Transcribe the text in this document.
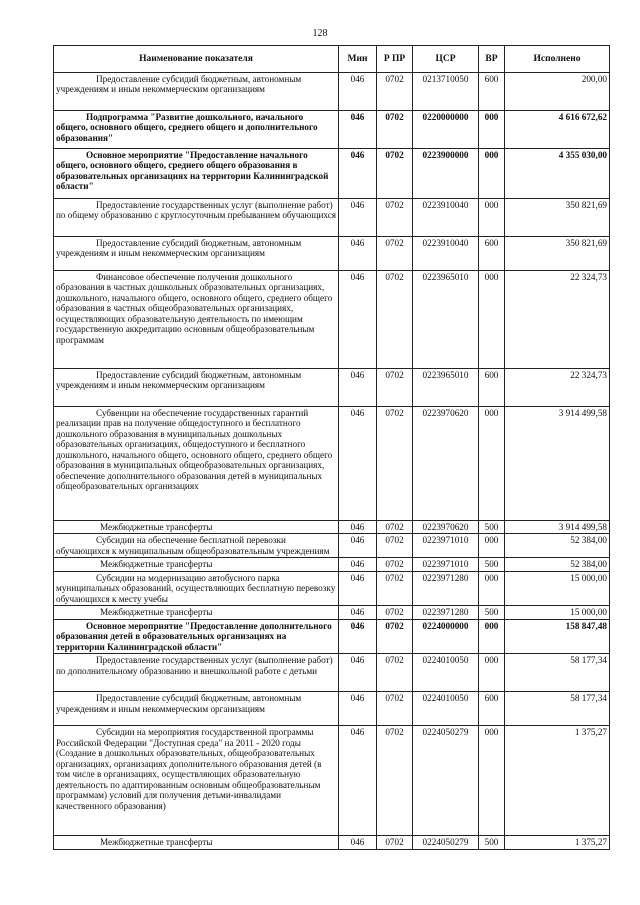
128
Наименование показателя	Мин	Р ПР	ЦСР	ВР	Исполнено
Предоставление субсидий бюджетным, автономным учреждениям и иным некоммерческим организациям	046	0702	0213710050	600	200,00
Подпрограмма "Развитие дошкольного, начального общего, основного общего, среднего общего и дополнительного образования"	046	0702	0220000000	000	4 616 672,62
Основное мероприятие "Предоставление начального общего, основного общего, среднего общего образования в образовательных организациях на территории Калининградской области"	046	0702	0223900000	000	4 355 030,00
Предоставление государственных услуг (выполнение работ) по общему образованию с круглосуточным пребыванием обучающихся	046	0702	0223910040	000	350 821,69
Предоставление субсидий бюджетным, автономным учреждениям и иным некоммерческим организациям	046	0702	0223910040	600	350 821,69
Финансовое обеспечение получения дошкольного образования в частных дошкольных образовательных организациях, дошкольного, начального общего, основного общего, среднего общего образования в частных общеобразовательных организациях, осуществляющих образовательную деятельность по имеющим государственную аккредитацию основным общеобразовательным программам	046	0702	0223965010	000	22 324,73
Предоставление субсидий бюджетным, автономным учреждениям и иным некоммерческим организациям	046	0702	0223965010	600	22 324,73
Субвенции на обеспечение государственных гарантий реализации прав на получение общедоступного и бесплатного дошкольного образования в муниципальных дошкольных образовательных организациях, общедоступного и бесплатного дошкольного, начального общего, основного общего, среднего общего образования в муниципальных общеобразовательных организациях, обеспечение дополнительного образования детей в муниципальных общеобразовательных организациях	046	0702	0223970620	000	3 914 499,58
Межбюджетные трансферты	046	0702	0223970620	500	3 914 499,58
Субсидии на обеспечение бесплатной перевозки обучающихся к муниципальным общеобразовательным учреждениям	046	0702	0223971010	000	52 384,00
Межбюджетные трансферты	046	0702	0223971010	500	52 384,00
Субсидии на модернизацию автобусного парка муниципальных образований, осуществляющих бесплатную перевозку обучающихся к месту учебы	046	0702	0223971280	000	15 000,00
Межбюджетные трансферты	046	0702	0223971280	500	15 000,00
Основное мероприятие "Предоставление дополнительного образования детей в образовательных организациях на территории Калининградской области"	046	0702	0224000000	000	158 847,48
Предоставление государственных услуг (выполнение работ) по дополнительному образованию и внешкольной работе с детьми	046	0702	0224010050	000	58 177,34
Предоставление субсидий бюджетным, автономным учреждениям и иным некоммерческим организациям	046	0702	0224010050	600	58 177,34
Субсидии на мероприятия государственной программы Российской Федерации "Доступная среда" на 2011 - 2020 годы (Создание в дошкольных образовательных, общеобразовательных организациях, организациях дополнительного образования детей (в том числе в организациях, осуществляющих образовательную деятельность по адаптированным основным общеобразовательным программам) условий для получения детьми-инвалидами качественного образования)	046	0702	0224050279	000	1 375,27
Межбюджетные трансферты	046	0702	0224050279	500	1 375,27
